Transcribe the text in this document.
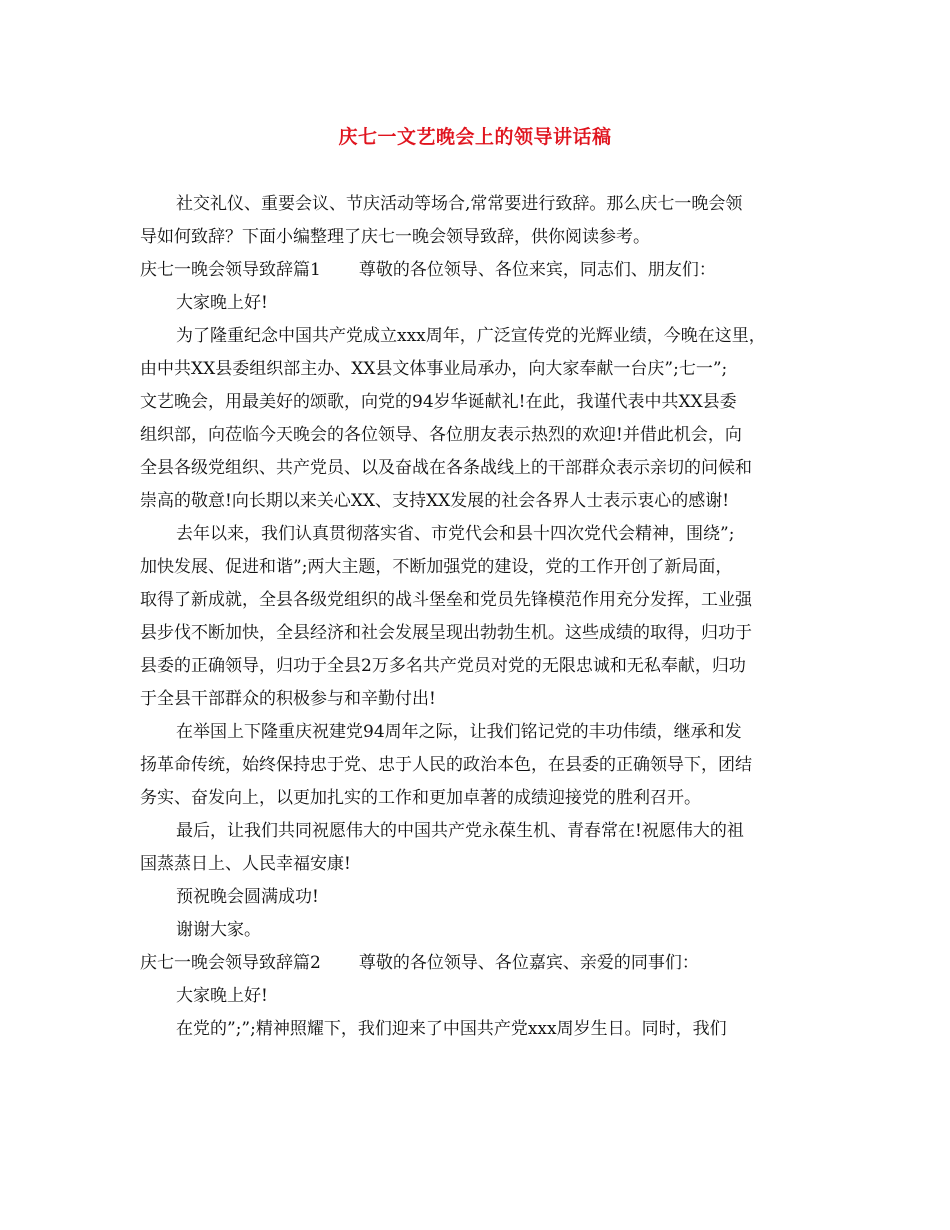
庆七一文艺晚会上的领导讲话稿

社交礼仪、重要会议、节庆活动等场合,常常要进行致辞。那么庆七一晚会领

导如何致辞？下面小编整理了庆七一晚会领导致辞，供你阅读参考。

庆七一晚会领导致辞篇1 尊敬的各位领导、各位来宾，同志们、朋友们：

大家晚上好!

为了隆重纪念中国共产党成立xxx周年，广泛宣传党的光辉业绩，今晚在这里，

由中共XX县委组织部主办、XX县文体事业局承办，向大家奉献一台庆”;七一”;

文艺晚会，用最美好的颂歌，向党的94岁华诞献礼!在此，我谨代表中共XX县委

组织部，向莅临今天晚会的各位领导、各位朋友表示热烈的欢迎!并借此机会，向

全县各级党组织、共产党员、以及奋战在各条战线上的干部群众表示亲切的问候和

崇高的敬意!向长期以来关心XX、支持XX发展的社会各界人士表示衷心的感谢!

去年以来，我们认真贯彻落实省、市党代会和县十四次党代会精神，围绕”;

加快发展、促进和谐”;两大主题，不断加强党的建设，党的工作开创了新局面，

取得了新成就，全县各级党组织的战斗堡垒和党员先锋模范作用充分发挥，工业强

县步伐不断加快，全县经济和社会发展呈现出勃勃生机。这些成绩的取得，归功于

县委的正确领导，归功于全县2万多名共产党员对党的无限忠诚和无私奉献，归功

于全县干部群众的积极参与和辛勤付出!

在举国上下隆重庆祝建党94周年之际，让我们铭记党的丰功伟绩，继承和发

扬革命传统，始终保持忠于党、忠于人民的政治本色，在县委的正确领导下，团结

务实、奋发向上，以更加扎实的工作和更加卓著的成绩迎接党的胜利召开。

最后，让我们共同祝愿伟大的中国共产党永葆生机、青春常在!祝愿伟大的祖

国蒸蒸日上、人民幸福安康!

预祝晚会圆满成功!

谢谢大家。

庆七一晚会领导致辞篇2 尊敬的各位领导、各位嘉宾、亲爱的同事们：

大家晚上好!

在党的”;”;精神照耀下，我们迎来了中国共产党xxx周岁生日。同时，我们
